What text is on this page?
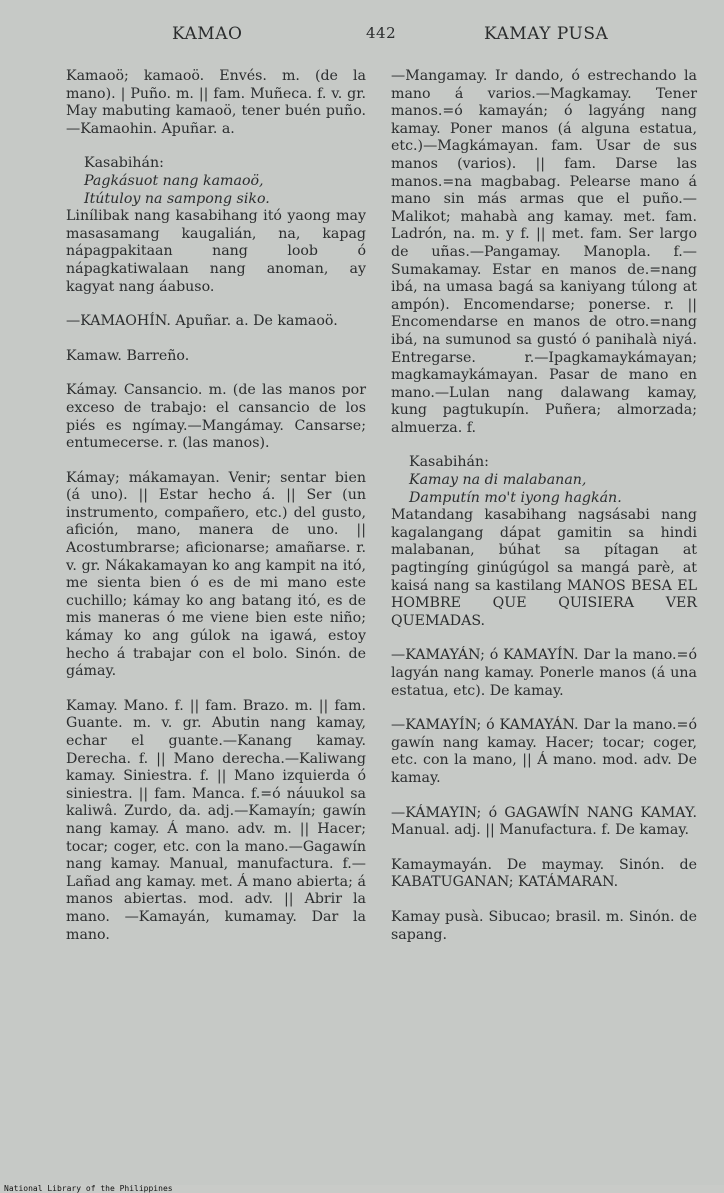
KAMAO	442	KAMAY PUSA

Kamaoö; kamaoö. Envés. m. (de la mano). | Puño. m. || fam. Muñeca. f. v. gr. May mabuting kamaoö, tener buén puño.—Kamaohin. Apuñar. a.

Kasabihán:

Pagkásuot nang kamaoö,

Itútuloy na sampong siko.

Linílibak nang kasabihang itó yaong may masasamang kaugalián, na, kapag nápagpakitaan nang loob ó nápagkatiwalaan nang anoman, ay kagyat nang áabuso.

—KAMAOHÍN. Apuñar. a. De kamaoö.

Kamaw. Barreño.

Kámay. Cansancio. m. (de las manos por exceso de trabajo: el cansancio de los piés es ngímay.—Mangámay. Cansarse; entumecerse. r. (las manos).

Kámay; mákamayan. Venir; sentar bien (á uno). || Estar hecho á. || Ser (un instrumento, compañero, etc.) del gusto, afición, mano, manera de uno. || Acostumbrarse; aficionarse; amañarse. r. v. gr. Nákakamayan ko ang kampit na itó, me sienta bien ó es de mi mano este cuchillo; kámay ko ang batang itó, es de mis maneras ó me viene bien este niño; kámay ko ang gúlok na igawá, estoy hecho á trabajar con el bolo. Sinón. de gámay.

Kamay. Mano. f. || fam. Brazo. m. || fam. Guante. m. v. gr. Abutin nang kamay, echar el guante.—Kanang kamay. Derecha. f. || Mano derecha.—Kaliwang kamay. Siniestra. f. || Mano izquierda ó siniestra. || fam. Manca. f.=ó náuukol sa kaliwâ. Zurdo, da. adj.—Kamayín; gawín nang kamay. Á mano. adv. m. || Hacer; tocar; coger, etc. con la mano.—Gagawín nang kamay. Manual, manufactura. f.—Lañad ang kamay. met. Á mano abierta; á manos abiertas. mod. adv. || Abrir la mano. —Kamayán, kumamay. Dar la mano.

—Mangamay. Ir dando, ó estrechando la mano á varios.—Magkamay. Tener manos.=ó kamayán; ó lagyáng nang kamay. Poner manos (á alguna estatua, etc.)—Magkámayan. fam. Usar de sus manos (varios). || fam. Darse las manos.=na magbabag. Pelearse mano á mano sin más armas que el puño.—Malikot; mahabà ang kamay. met. fam. Ladrón, na. m. y f. || met. fam. Ser largo de uñas.—Pangamay. Manopla. f.—Sumakamay. Estar en manos de.=nang ibá, na umasa bagá sa kaniyang túlong at ampón). Encomendarse; ponerse. r. || Encomendarse en manos de otro.=nang ibá, na sumunod sa gustó ó panihalà niyá. Entregarse. r.—Ipagkamaykámayan; magkamaykámayan. Pasar de mano en mano.—Lulan nang dalawang kamay, kung pagtukupín. Puñera; almorzada; almuerza. f.

Kasabihán:

Kamay na di malabanan,

Damputín mo't iyong hagkán.

Matandang kasabihang nagsásabi nang kagalangang dápat gamitin sa hindi malabanan, búhat sa pítagan at pagtingíng ginúgúgol sa mangá parè, at kaisá nang sa kastilang MANOS BESA EL HOMBRE QUE QUISIERA VER QUEMADAS.

—KAMAYÁN; ó KAMAYÍN. Dar la mano.=ó lagyán nang kamay. Ponerle manos (á una estatua, etc). De kamay.

—KAMAYÍN; ó KAMAYÁN. Dar la mano.=ó gawín nang kamay. Hacer; tocar; coger, etc. con la mano, || Á mano. mod. adv. De kamay.

—KÁMAYIN; ó GAGAWÍN NANG KAMAY. Manual. adj. || Manufactura. f. De kamay.

Kamaymayán. De maymay. Sinón. de KABATUGANAN; KATÁMARAN.

Kamay pusà. Sibucao; brasil. m. Sinón. de sapang.

National Library of the Philippines
